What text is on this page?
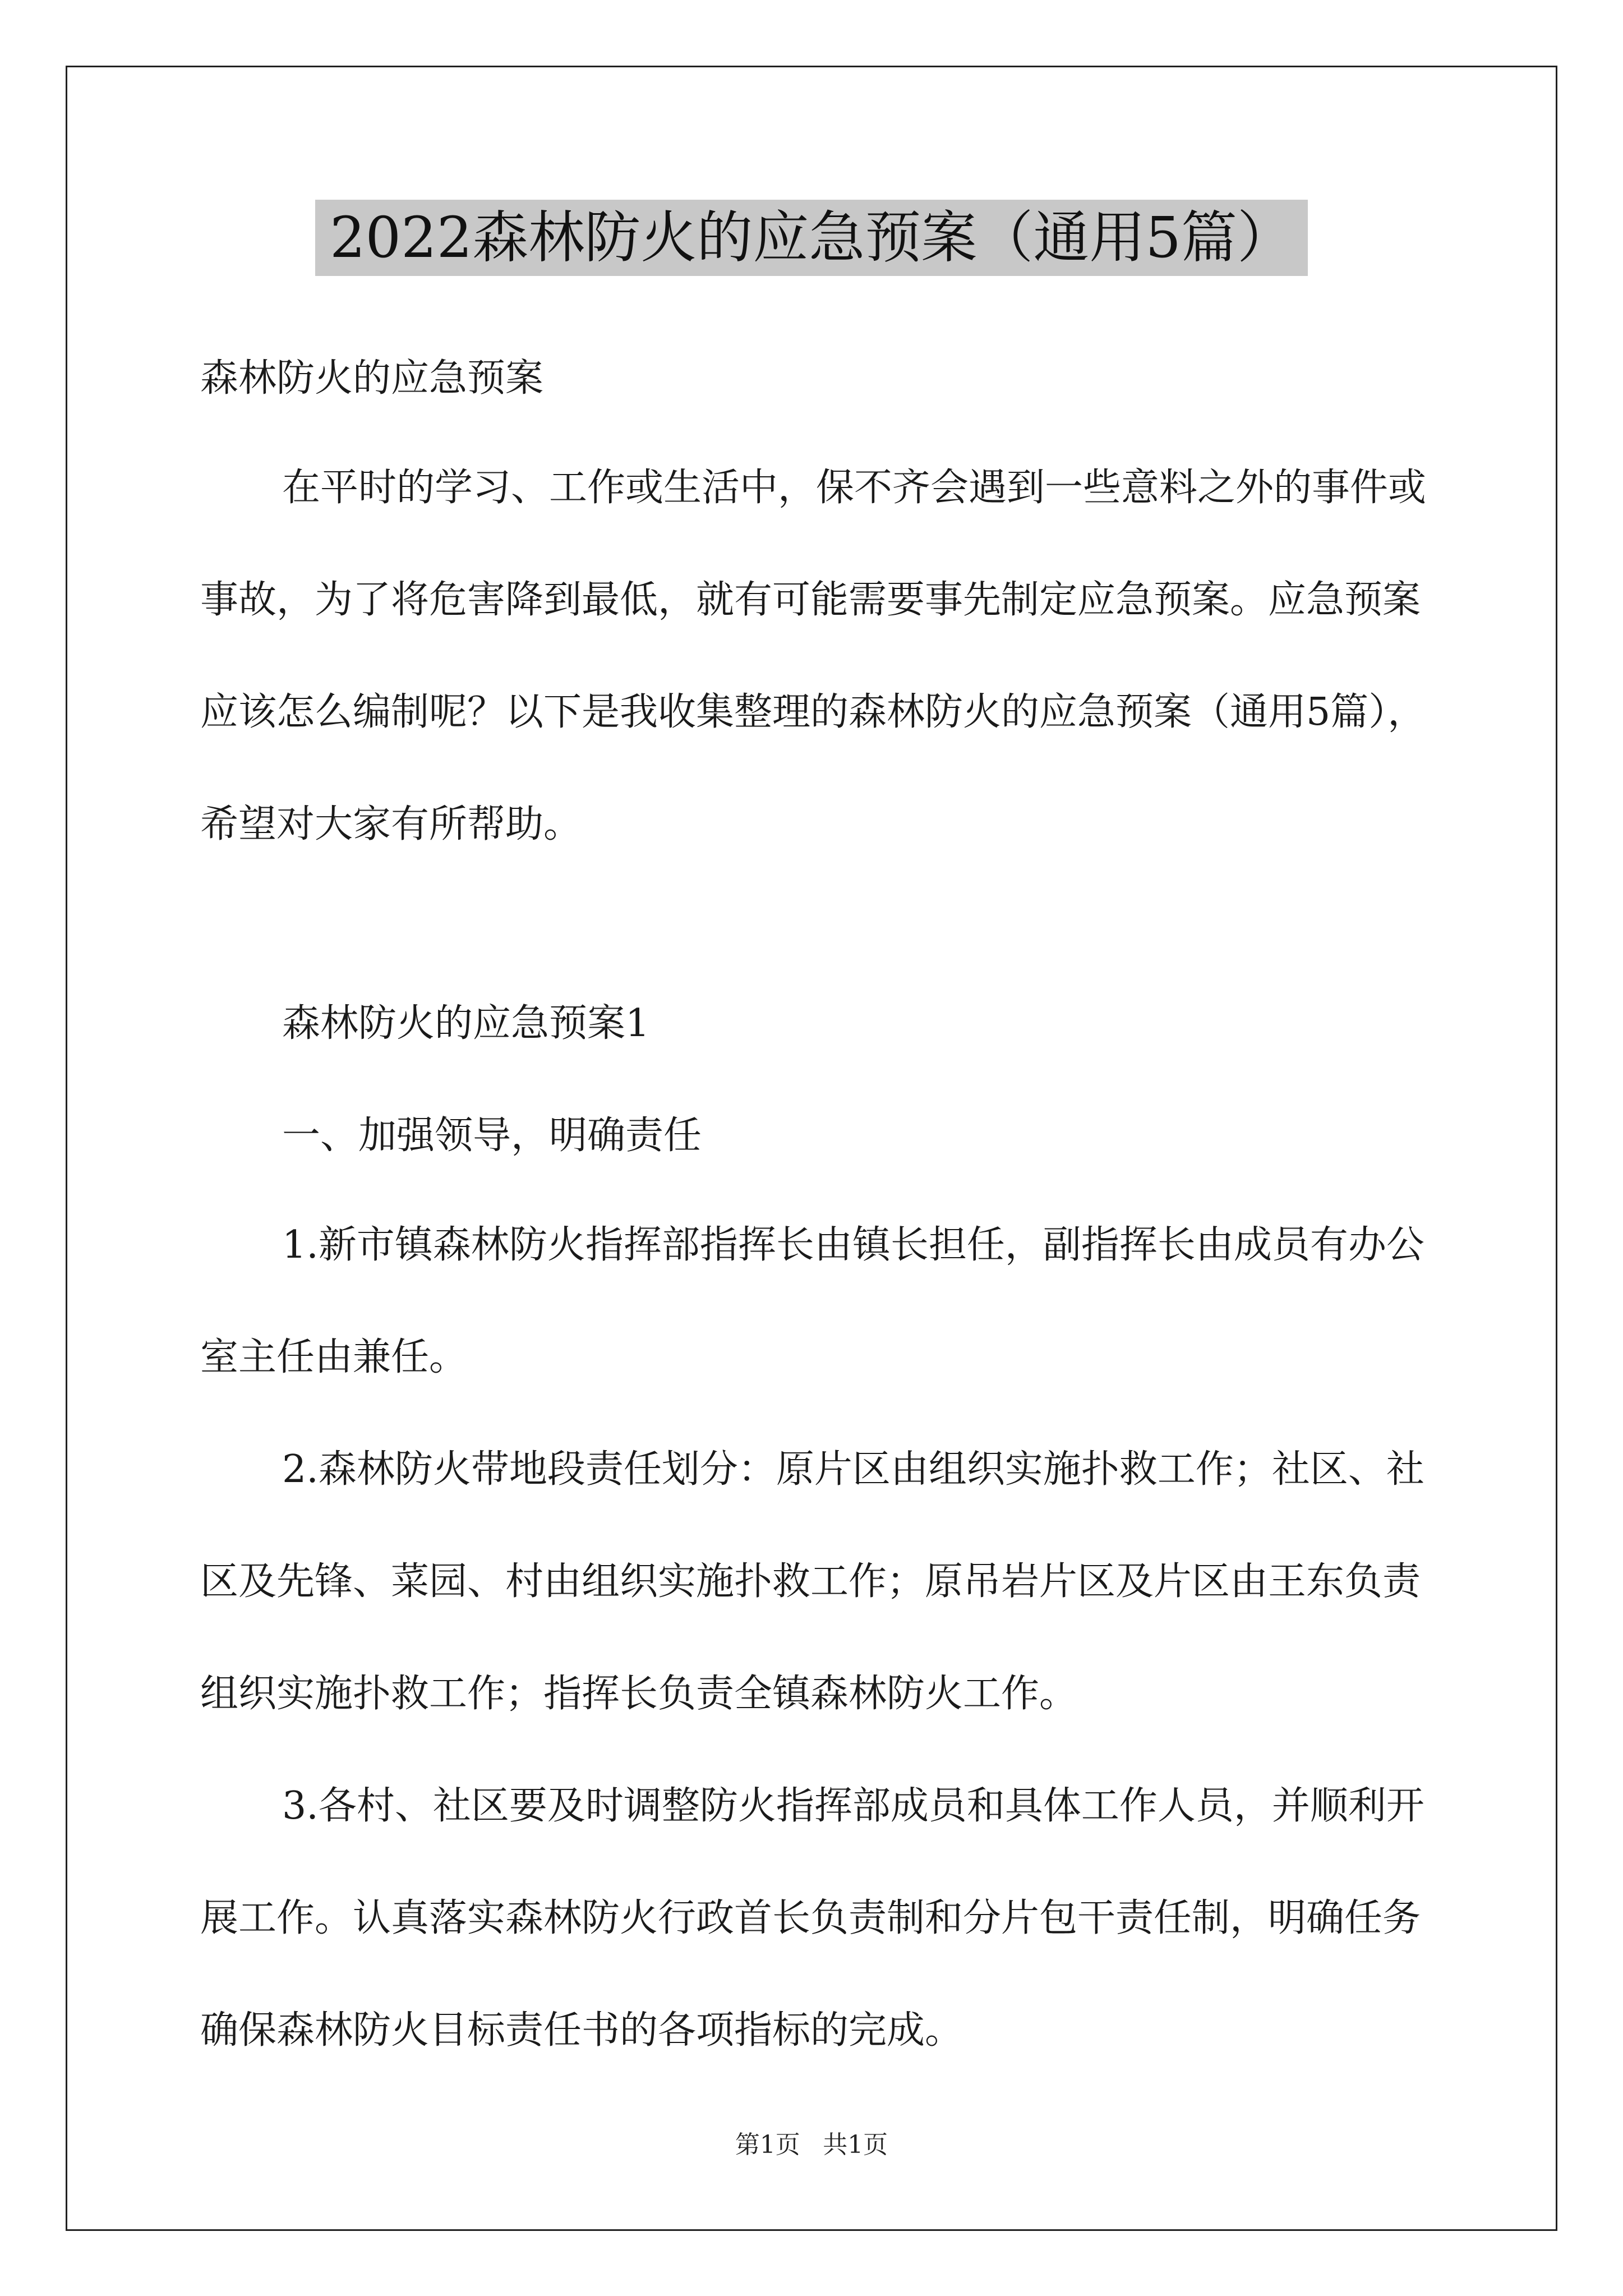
2022森林防火的应急预案（通用5篇）
森林防火的应急预案

在平时的学习、工作或生活中，保不齐会遇到一些意料之外的事件或事故，为了将危害降到最低，就有可能需要事先制定应急预案。应急预案应该怎么编制呢？以下是我收集整理的森林防火的应急预案（通用5篇），希望对大家有所帮助。

森林防火的应急预案1
一、加强领导，明确责任

1.新市镇森林防火指挥部指挥长由镇长担任，副指挥长由成员有办公室主任由兼任。

2.森林防火带地段责任划分：原片区由组织实施扑救工作；社区、社区及先锋、菜园、村由组织实施扑救工作；原吊岩片区及片区由王东负责组织实施扑救工作；指挥长负责全镇森林防火工作。

3.各村、社区要及时调整防火指挥部成员和具体工作人员，并顺利开展工作。认真落实森林防火行政首长负责制和分片包干责任制，明确任务确保森林防火目标责任书的各项指标的完成。

第1页 共1页
